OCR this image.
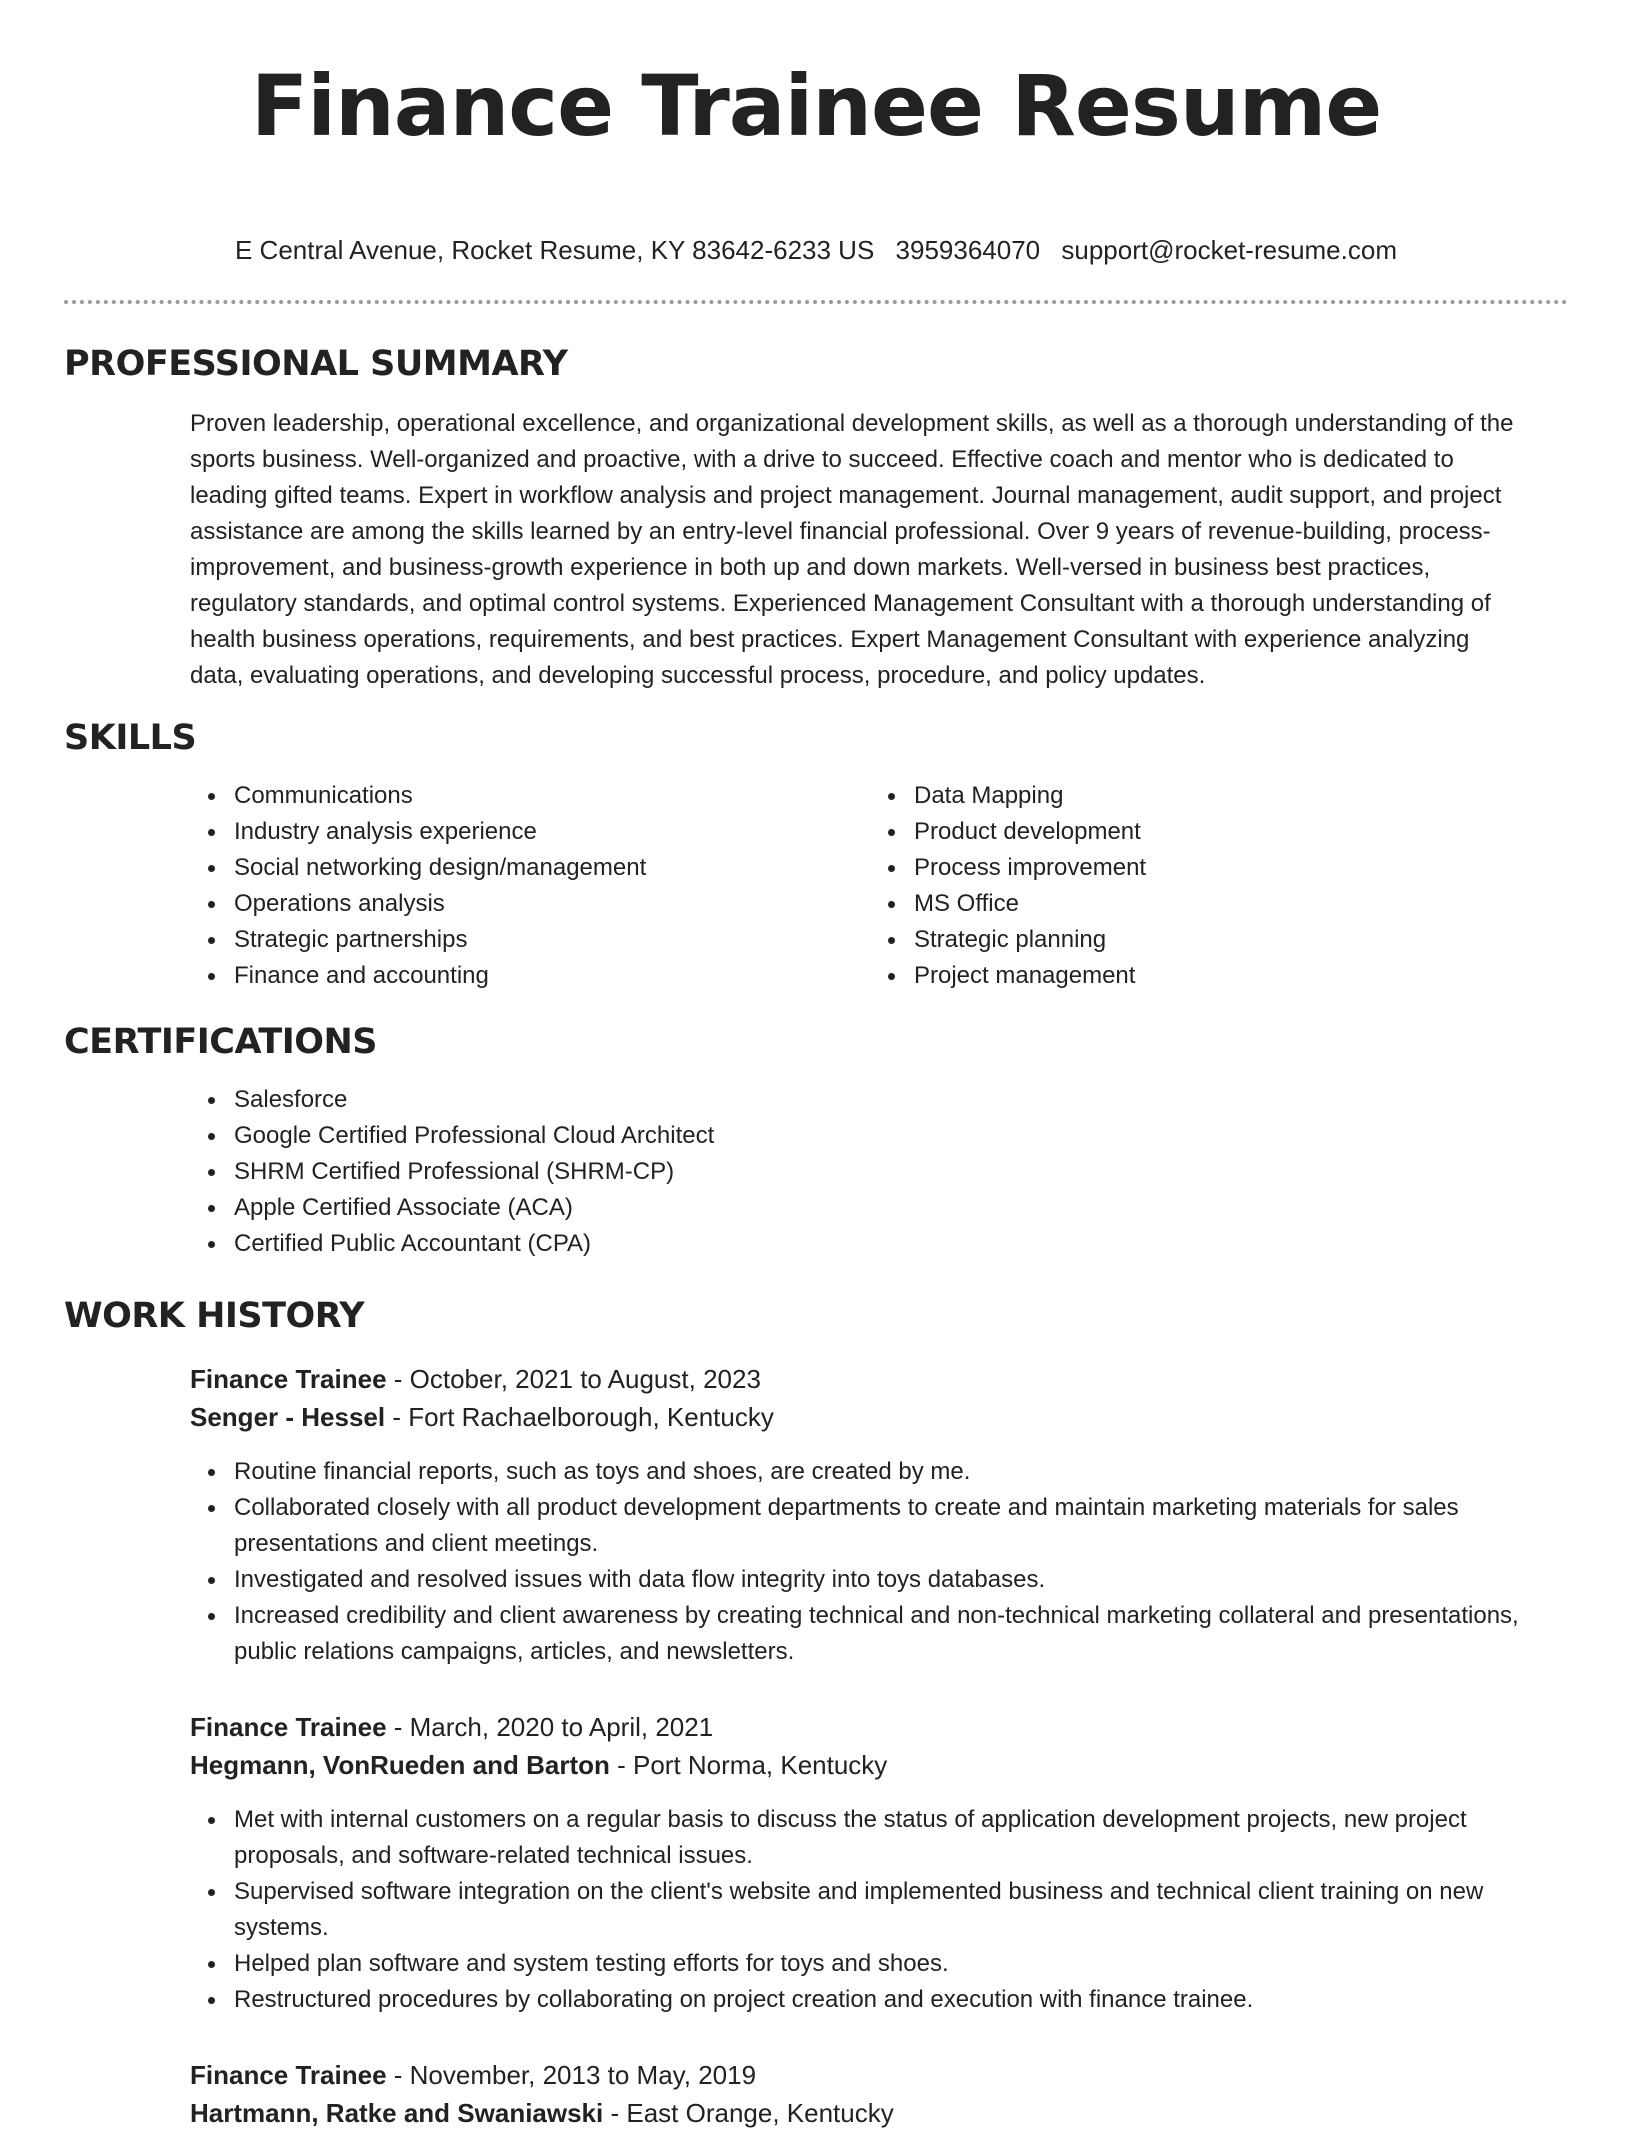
Finance Trainee Resume
E Central Avenue, Rocket Resume, KY 83642-6233 US 3959364070 support@rocket-resume.com
PROFESSIONAL SUMMARY

Proven leadership, operational excellence, and organizational development skills, as well as a thorough understanding of the sports business. Well-organized and proactive, with a drive to succeed. Effective coach and mentor who is dedicated to leading gifted teams. Expert in workflow analysis and project management. Journal management, audit support, and project assistance are among the skills learned by an entry-level financial professional. Over 9 years of revenue-building, process-improvement, and business-growth experience in both up and down markets. Well-versed in business best practices, regulatory standards, and optimal control systems. Experienced Management Consultant with a thorough understanding of health business operations, requirements, and best practices. Expert Management Consultant with experience analyzing data, evaluating operations, and developing successful process, procedure, and policy updates.

SKILLS
Communications
Industry analysis experience
Social networking design/management
Operations analysis
Strategic partnerships
Finance and accounting
Data Mapping
Product development
Process improvement
MS Office
Strategic planning
Project management
CERTIFICATIONS
Salesforce
Google Certified Professional Cloud Architect
SHRM Certified Professional (SHRM-CP)
Apple Certified Associate (ACA)
Certified Public Accountant (CPA)
WORK HISTORY
Finance Trainee - October, 2021 to August, 2023
Senger - Hessel - Fort Rachaelborough, Kentucky
Routine financial reports, such as toys and shoes, are created by me.
Collaborated closely with all product development departments to create and maintain marketing materials for sales presentations and client meetings.
Investigated and resolved issues with data flow integrity into toys databases.
Increased credibility and client awareness by creating technical and non-technical marketing collateral and presentations, public relations campaigns, articles, and newsletters.
Finance Trainee - March, 2020 to April, 2021
Hegmann, VonRueden and Barton - Port Norma, Kentucky
Met with internal customers on a regular basis to discuss the status of application development projects, new project proposals, and software-related technical issues.
Supervised software integration on the client's website and implemented business and technical client training on new systems.
Helped plan software and system testing efforts for toys and shoes.
Restructured procedures by collaborating on project creation and execution with finance trainee.
Finance Trainee - November, 2013 to May, 2019
Hartmann, Ratke and Swaniawski - East Orange, Kentucky
